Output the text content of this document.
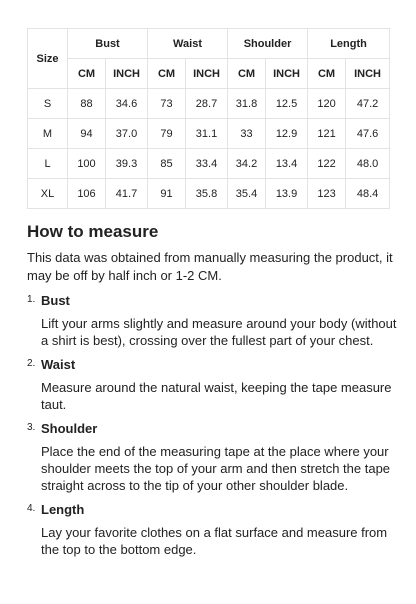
Size	Bust		Waist		Shoulder		Length	
	CM	INCH	CM	INCH	CM	INCH	CM	INCH
S	88	34.6	73	28.7	31.8	12.5	120	47.2
M	94	37.0	79	31.1	33	12.9	121	47.6
L	100	39.3	85	33.4	34.2	13.4	122	48.0
XL	106	41.7	91	35.8	35.4	13.9	123	48.4
How to measure

This data was obtained from manually measuring the product, it may be off by half inch or 1-2 CM.

1. Bust
Lift your arms slightly and measure around your body (without a shirt is best), crossing over the fullest part of your chest.
2. Waist
Measure around the natural waist, keeping the tape measure taut.
3. Shoulder
Place the end of the measuring tape at the place where your shoulder meets the top of your arm and then stretch the tape straight across to the tip of your other shoulder blade.
4. Length
Lay your favorite clothes on a flat surface and measure from the top to the bottom edge.
